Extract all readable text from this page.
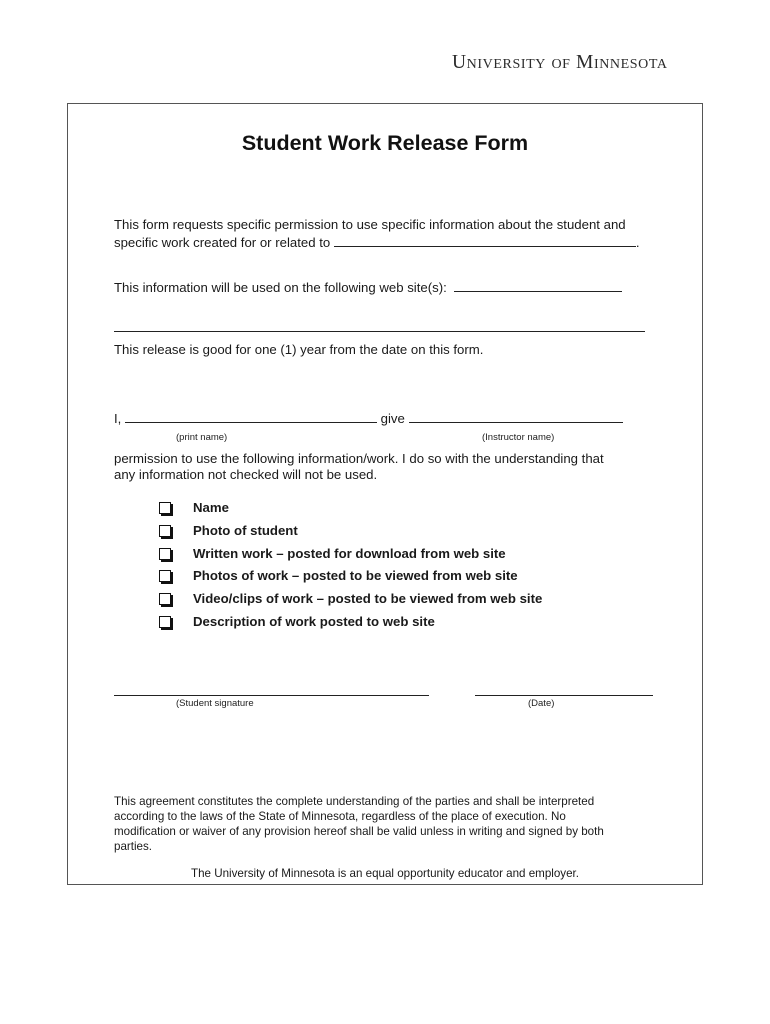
University of Minnesota
Student Work Release Form
This form requests specific permission to use specific information about the student and
specific work created for or related to	.
This information will be used on the following web site(s):
This release is good for one (1) year from the date on this form.
I,	give
(print name)	(Instructor name)
permission to use the following information/work. I do so with the understanding that
any information not checked will not be used.
Name
Photo of student
Written work – posted for download from web site
Photos of work – posted to be viewed from web site
Video/clips of work – posted to be viewed from web site
Description of work posted to web site
(Student signature	(Date)
This agreement constitutes the complete understanding of the parties and shall be interpreted
according to the laws of the State of Minnesota, regardless of the place of execution. No
modification or waiver of any provision hereof shall be valid unless in writing and signed by both
parties.
The University of Minnesota is an equal opportunity educator and employer.
